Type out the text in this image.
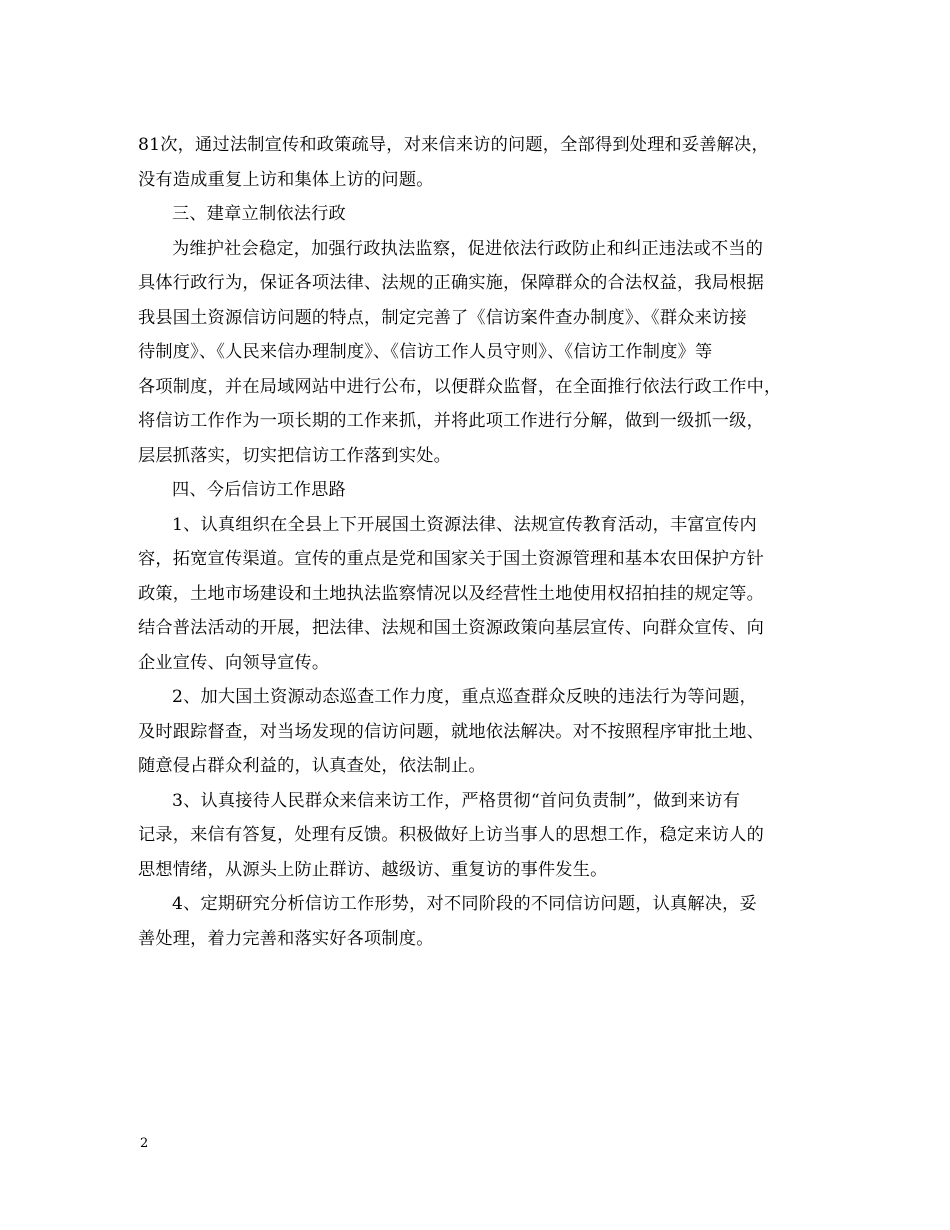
81次，通过法制宣传和政策疏导，对来信来访的问题，全部得到处理和妥善解决，
没有造成重复上访和集体上访的问题。
三、建章立制依法行政
为维护社会稳定，加强行政执法监察，促进依法行政防止和纠正违法或不当的
具体行政行为，保证各项法律、法规的正确实施，保障群众的合法权益，我局根据
我县国土资源信访问题的特点，制定完善了《信访案件查办制度》、《群众来访接
待制度》、《人民来信办理制度》、《信访工作人员守则》、《信访工作制度》等
各项制度，并在局域网站中进行公布，以便群众监督，在全面推行依法行政工作中，
将信访工作作为一项长期的工作来抓，并将此项工作进行分解，做到一级抓一级，
层层抓落实，切实把信访工作落到实处。
四、今后信访工作思路
1、认真组织在全县上下开展国土资源法律、法规宣传教育活动，丰富宣传内
容，拓宽宣传渠道。宣传的重点是党和国家关于国土资源管理和基本农田保护方针
政策，土地市场建设和土地执法监察情况以及经营性土地使用权招拍挂的规定等。
结合普法活动的开展，把法律、法规和国土资源政策向基层宣传、向群众宣传、向
企业宣传、向领导宣传。
2、加大国土资源动态巡查工作力度，重点巡查群众反映的违法行为等问题，
及时跟踪督查，对当场发现的信访问题，就地依法解决。对不按照程序审批土地、
随意侵占群众利益的，认真查处，依法制止。
3、认真接待人民群众来信来访工作，严格贯彻“首问负责制”，做到来访有
记录，来信有答复，处理有反馈。积极做好上访当事人的思想工作，稳定来访人的
思想情绪，从源头上防止群访、越级访、重复访的事件发生。
4、定期研究分析信访工作形势，对不同阶段的不同信访问题，认真解决，妥
善处理，着力完善和落实好各项制度。
2
